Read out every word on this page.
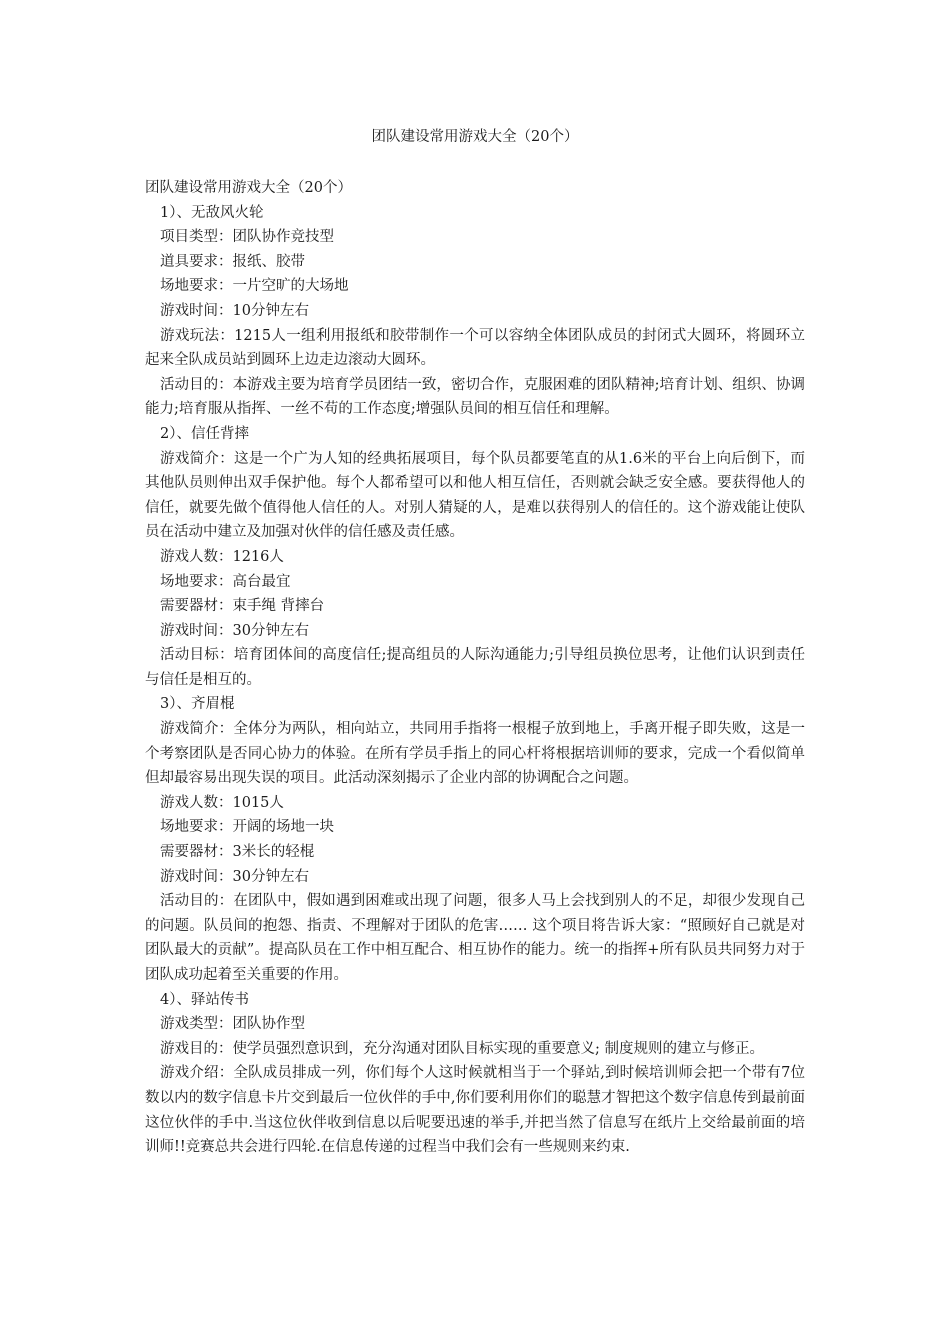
团队建设常用游戏大全（20个）

团队建设常用游戏大全（20个）

1）、无敌风火轮

项目类型：团队协作竞技型

道具要求：报纸、胶带

场地要求：一片空旷的大场地

游戏时间：10分钟左右

游戏玩法：1215人一组利用报纸和胶带制作一个可以容纳全体团队成员的封闭式大圆环，将圆环立起来全队成员站到圆环上边走边滚动大圆环。

活动目的：本游戏主要为培育学员团结一致，密切合作，克服困难的团队精神;培育计划、组织、协调能力;培育服从指挥、一丝不苟的工作态度;增强队员间的相互信任和理解。

2）、信任背摔

游戏简介：这是一个广为人知的经典拓展项目，每个队员都要笔直的从1.6米的平台上向后倒下，而其他队员则伸出双手保护他。每个人都希望可以和他人相互信任，否则就会缺乏安全感。要获得他人的信任，就要先做个值得他人信任的人。对别人猜疑的人，是难以获得别人的信任的。这个游戏能让使队员在活动中建立及加强对伙伴的信任感及责任感。

游戏人数：1216人

场地要求：高台最宜

需要器材：束手绳 背摔台

游戏时间：30分钟左右

活动目标：培育团体间的高度信任;提高组员的人际沟通能力;引导组员换位思考，让他们认识到责任与信任是相互的。

3）、齐眉棍

游戏简介：全体分为两队，相向站立，共同用手指将一根棍子放到地上，手离开棍子即失败，这是一个考察团队是否同心协力的体验。在所有学员手指上的同心杆将根据培训师的要求，完成一个看似简单但却最容易出现失误的项目。此活动深刻揭示了企业内部的协调配合之问题。

游戏人数：1015人

场地要求：开阔的场地一块

需要器材：3米长的轻棍

游戏时间：30分钟左右

活动目的：在团队中，假如遇到困难或出现了问题，很多人马上会找到别人的不足，却很少发现自己的问题。队员间的抱怨、指责、不理解对于团队的危害…… 这个项目将告诉大家：“照顾好自己就是对团队最大的贡献”。提高队员在工作中相互配合、相互协作的能力。统一的指挥+所有队员共同努力对于团队成功起着至关重要的作用。

4）、驿站传书

游戏类型：团队协作型

游戏目的：使学员强烈意识到，充分沟通对团队目标实现的重要意义; 制度规则的建立与修正。

游戏介绍：全队成员排成一列，你们每个人这时候就相当于一个驿站,到时候培训师会把一个带有7位数以内的数字信息卡片交到最后一位伙伴的手中,你们要利用你们的聪慧才智把这个数字信息传到最前面这位伙伴的手中.当这位伙伴收到信息以后呢要迅速的举手,并把当然了信息写在纸片上交给最前面的培训师!!竞赛总共会进行四轮.在信息传递的过程当中我们会有一些规则来约束.
